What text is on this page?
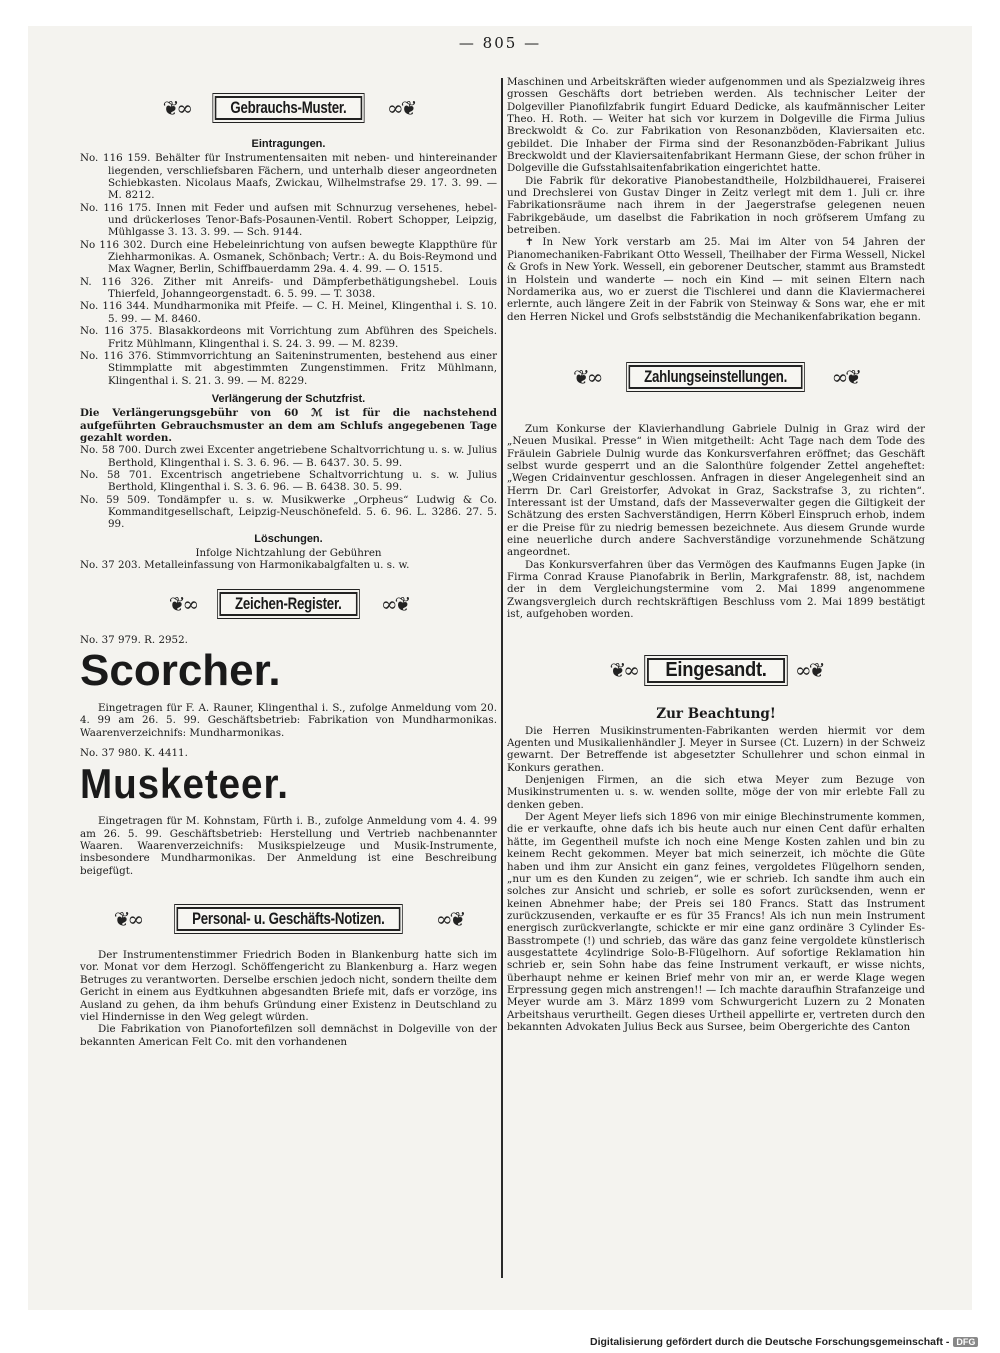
— 805 —
❦∞	Gebrauchs-Muster.	∞❦
Eintragungen.

No. 116 159. Behälter für Instrumentensaiten mit neben- und hintereinander liegenden, verschliefsbaren Fächern, und unterhalb dieser angeordneten Schiebkasten. Nicolaus Maafs, Zwickau, Wilhelmstrafse 29. 17. 3. 99. — M. 8212.

No. 116 175. Innen mit Feder und aufsen mit Schnurzug versehenes, hebel- und drückerloses Tenor-Bafs-Posaunen-Ventil. Robert Schopper, Leipzig, Mühlgasse 3. 13. 3. 99. — Sch. 9144.

No 116 302. Durch eine Hebeleinrichtung von aufsen bewegte Klappthüre für Ziehharmonikas. A. Osmanek, Schönbach; Vertr.: A. du Bois-Reymond und Max Wagner, Berlin, Schiffbauerdamm 29a. 4. 4. 99. — O. 1515.

N. 116 326. Zither mit Anreifs- und Dämpferbethätigungshebel. Louis Thierfeld, Johanngeorgenstadt. 6. 5. 99. — T. 3038.

No. 116 344. Mundharmonika mit Pfeife. — C. H. Meinel, Klingenthal i. S. 10. 5. 99. — M. 8460.

No. 116 375. Blasakkordeons mit Vorrichtung zum Abführen des Speichels. Fritz Mühlmann, Klingenthal i. S. 24. 3. 99. — M. 8239.

No. 116 376. Stimmvorrichtung an Saiteninstrumenten, bestehend aus einer Stimmplatte mit abgestimmten Zungenstimmen. Fritz Mühlmann, Klingenthal i. S. 21. 3. 99. — M. 8229.

Verlängerung der Schutzfrist.

Die Verlängerungsgebühr von 60 ℳ ist für die nachstehend aufgeführten Gebrauchsmuster an dem am Schlufs angegebenen Tage gezahlt worden.

No. 58 700. Durch zwei Excenter angetriebene Schaltvorrichtung u. s. w. Julius Berthold, Klingenthal i. S. 3. 6. 96. — B. 6437. 30. 5. 99.

No. 58 701. Excentrisch angetriebene Schaltvorrichtung u. s. w. Julius Berthold, Klingenthal i. S. 3. 6. 96. — B. 6438. 30. 5. 99.

No. 59 509. Tondämpfer u. s. w. Musikwerke „Orpheus“ Ludwig & Co. Kommanditgesellschaft, Leipzig-Neuschönefeld. 5. 6. 96. L. 3286. 27. 5. 99.

Löschungen.

Infolge Nichtzahlung der Gebühren

No. 37 203. Metalleinfassung von Harmonikabalgfalten u. s. w.

❦∞	Zeichen-Register.	∞❦

No. 37 979. R. 2952.

Scorcher.

Eingetragen für F. A. Rauner, Klingenthal i. S., zufolge Anmeldung vom 20. 4. 99 am 26. 5. 99. Geschäftsbetrieb: Fabrikation von Mundharmonikas. Waarenverzeichnifs: Mundharmonikas.

No. 37 980. K. 4411.

Musketeer.

Eingetragen für M. Kohnstam, Fürth i. B., zufolge Anmeldung vom 4. 4. 99 am 26. 5. 99. Geschäftsbetrieb: Herstellung und Vertrieb nachbenannter Waaren. Waarenverzeichnifs: Musikspielzeuge und Musik-Instrumente, insbesondere Mundharmonikas. Der Anmeldung ist eine Beschreibung beigefügt.

❦∞	Personal- u. Geschäfts-Notizen.	∞❦

Der Instrumentenstimmer Friedrich Boden in Blankenburg hatte sich im vor. Monat vor dem Herzogl. Schöffengericht zu Blankenburg a. Harz wegen Betruges zu verantworten. Derselbe erschien jedoch nicht, sondern theilte dem Gericht in einem aus Eydtkuhnen abgesandten Briefe mit, dafs er vorzöge, ins Ausland zu gehen, da ihm behufs Gründung einer Existenz in Deutschland zu viel Hindernisse in den Weg gelegt würden.

Die Fabrikation von Pianofortefilzen soll demnächst in Dolgeville von der bekannten American Felt Co. mit den vorhandenen

Maschinen und Arbeitskräften wieder aufgenommen und als Spezialzweig ihres grossen Geschäfts dort betrieben werden. Als technischer Leiter der Dolgeviller Pianofilzfabrik fungirt Eduard Dedicke, als kaufmännischer Leiter Theo. H. Roth. — Weiter hat sich vor kurzem in Dolgeville die Firma Julius Breckwoldt & Co. zur Fabrikation von Resonanzböden, Klaviersaiten etc. gebildet. Die Inhaber der Firma sind der Resonanzböden-Fabrikant Julius Breckwoldt und der Klaviersaitenfabrikant Hermann Giese, der schon früher in Dolgeville die Gufsstahlsaitenfabrikation eingerichtet hatte.

Die Fabrik für dekorative Pianobestandtheile, Holzbildhauerei, Fraiserei und Drechslerei von Gustav Dinger in Zeitz verlegt mit dem 1. Juli cr. ihre Fabrikationsräume nach ihrem in der Jaegerstrafse gelegenen neuen Fabrikgebäude, um daselbst die Fabrikation in noch gröfserem Umfang zu betreiben.

✝ In New York verstarb am 25. Mai im Alter von 54 Jahren der Pianomechaniken-Fabrikant Otto Wessell, Theilhaber der Firma Wessell, Nickel & Grofs in New York. Wessell, ein geborener Deutscher, stammt aus Bramstedt in Holstein und wanderte — noch ein Kind — mit seinen Eltern nach Nordamerika aus, wo er zuerst die Tischlerei und dann die Klaviermacherei erlernte, auch längere Zeit in der Fabrik von Steinway & Sons war, ehe er mit den Herren Nickel und Grofs selbstständig die Mechanikenfabrikation begann.

❦∞	Zahlungseinstellungen.	∞❦

Zum Konkurse der Klavierhandlung Gabriele Dulnig in Graz wird der „Neuen Musikal. Presse“ in Wien mitgetheilt: Acht Tage nach dem Tode des Fräulein Gabriele Dulnig wurde das Konkursverfahren eröffnet; das Geschäft selbst wurde gesperrt und an die Salonthüre folgender Zettel angeheftet: „Wegen Cridainventur geschlossen. Anfragen in dieser Angelegenheit sind an Herrn Dr. Carl Greistorfer, Advokat in Graz, Sackstrafse 3, zu richten“. Interessant ist der Umstand, dafs der Masseverwalter gegen die Giltigkeit der Schätzung des ersten Sachverständigen, Herrn Köberl Einspruch erhob, indem er die Preise für zu niedrig bemessen bezeichnete. Aus diesem Grunde wurde eine neuerliche durch andere Sachverständige vorzunehmende Schätzung angeordnet.

Das Konkursverfahren über das Vermögen des Kaufmanns Eugen Japke (in Firma Conrad Krause Pianofabrik in Berlin, Markgrafenstr. 88, ist, nachdem der in dem Vergleichungstermine vom 2. Mai 1899 angenommene Zwangsvergleich durch rechtskräftigen Beschluss vom 2. Mai 1899 bestätigt ist, aufgehoben worden.

❦∞	Eingesandt.	∞❦
Zur Beachtung!

Die Herren Musikinstrumenten-Fabrikanten werden hiermit vor dem Agenten und Musikalienhändler J. Meyer in Sursee (Ct. Luzern) in der Schweiz gewarnt. Der Betreffende ist abgesetzter Schullehrer und schon einmal in Konkurs gerathen.

Denjenigen Firmen, an die sich etwa Meyer zum Bezuge von Musikinstrumenten u. s. w. wenden sollte, möge der von mir erlebte Fall zu denken geben.

Der Agent Meyer liefs sich 1896 von mir einige Blechinstrumente kommen, die er verkaufte, ohne dafs ich bis heute auch nur einen Cent dafür erhalten hätte, im Gegentheil mufste ich noch eine Menge Kosten zahlen und bin zu keinem Recht gekommen. Meyer bat mich seinerzeit, ich möchte die Güte haben und ihm zur Ansicht ein ganz feines, vergoldetes Flügelhorn senden, „nur um es den Kunden zu zeigen“, wie er schrieb. Ich sandte ihm auch ein solches zur Ansicht und schrieb, er solle es sofort zurücksenden, wenn er keinen Abnehmer habe; der Preis sei 180 Francs. Statt das Instrument zurückzusenden, verkaufte er es für 35 Francs! Als ich nun mein Instrument energisch zurückverlangte, schickte er mir eine ganz ordinäre 3 Cylinder Es-Basstrompete (!) und schrieb, das wäre das ganz feine vergoldete künstlerisch ausgestattete 4cylindrige Solo-B-Flügelhorn. Auf sofortige Reklamation hin schrieb er, sein Sohn habe das feine Instrument verkauft, er wisse nichts, überhaupt nehme er keinen Brief mehr von mir an, er werde Klage wegen Erpressung gegen mich anstrengen!! — Ich machte daraufhin Strafanzeige und Meyer wurde am 3. März 1899 vom Schwurgericht Luzern zu 2 Monaten Arbeitshaus verurtheilt. Gegen dieses Urtheil appellirte er, vertreten durch den bekannten Advokaten Julius Beck aus Sursee, beim Obergerichte des Canton

Digitalisierung gefördert durch die Deutsche Forschungsgemeinschaft - DFG
